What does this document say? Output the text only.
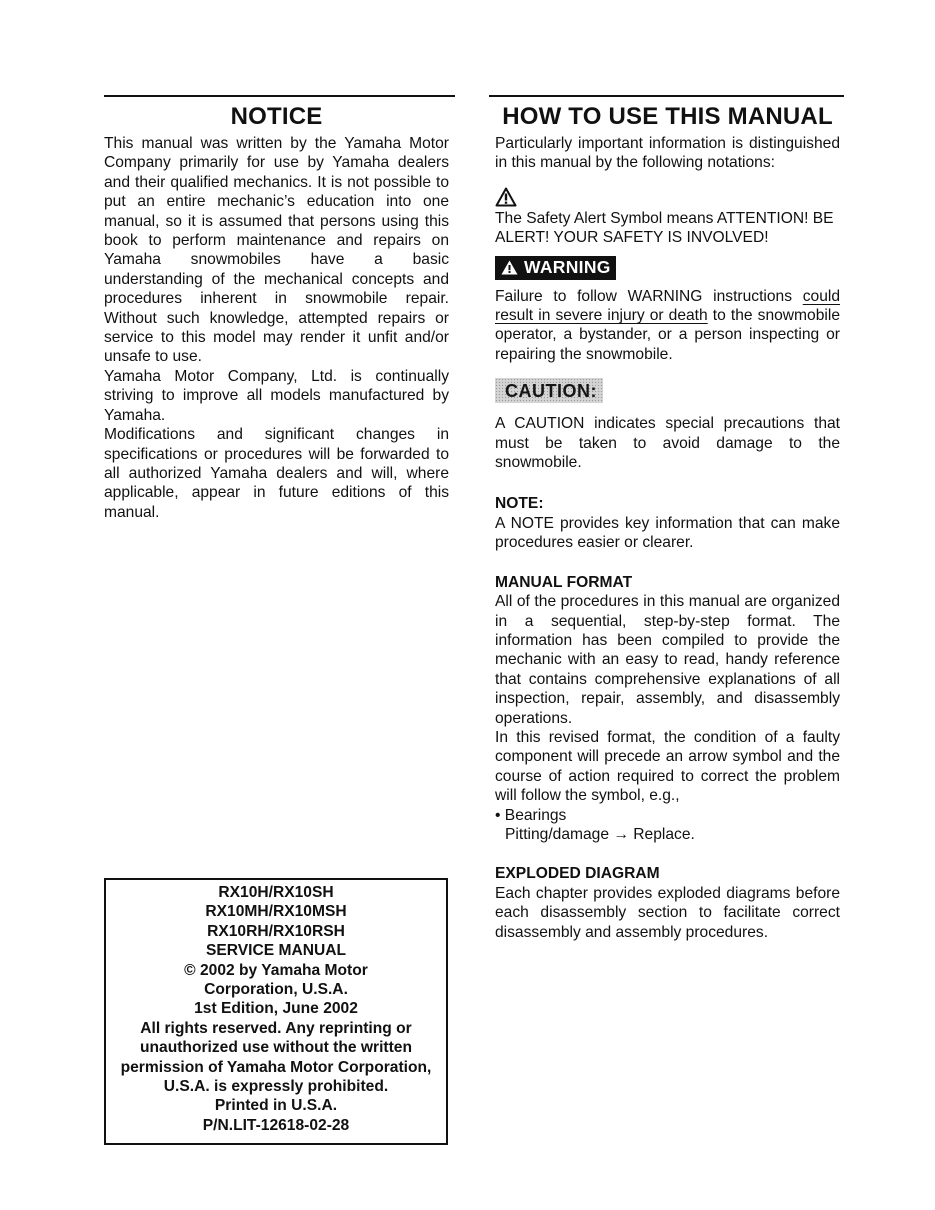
NOTICE

This manual was written by the Yamaha Motor Company primarily for use by Yamaha dealers and their qualified mechanics. It is not possible to put an entire mechanic’s education into one manual, so it is assumed that persons using this book to perform maintenance and repairs on Yamaha snowmobiles have a basic understanding of the mechanical concepts and procedures inherent in snowmobile repair. Without such knowledge, attempted repairs or service to this model may render it unfit and/or unsafe to use.

Yamaha Motor Company, Ltd. is continually striving to improve all models manufactured by Yamaha.

Modifications and significant changes in specifications or procedures will be forwarded to all authorized Yamaha dealers and will, where applicable, appear in future editions of this manual.

RX10H/RX10SH
RX10MH/RX10MSH
RX10RH/RX10RSH
SERVICE MANUAL
© 2002 by Yamaha Motor
Corporation, U.S.A.
1st Edition, June 2002
All rights reserved. Any reprinting or
unauthorized use without the written
permission of Yamaha Motor Corporation,
U.S.A. is expressly prohibited.
Printed in U.S.A.
P/N.LIT-12618-02-28
HOW TO USE THIS MANUAL

Particularly important information is distinguished in this manual by the following notations:

The Safety Alert Symbol means ATTENTION! BE ALERT! YOUR SAFETY IS INVOLVED!

WARNING

Failure to follow WARNING instructions could result in severe injury or death to the snowmobile operator, a bystander, or a person inspecting or repairing the snowmobile.

CAUTION:

A CAUTION indicates special precautions that must be taken to avoid damage to the snowmobile.

NOTE:

A NOTE provides key information that can make procedures easier or clearer.

MANUAL FORMAT

All of the procedures in this manual are organized in a sequential, step-by-step format. The information has been compiled to provide the mechanic with an easy to read, handy reference that contains comprehensive explanations of all inspection, repair, assembly, and disassembly operations.

In this revised format, the condition of a faulty component will precede an arrow symbol and the course of action required to correct the problem will follow the symbol, e.g.,

• Bearings

Pitting/damage → Replace.

EXPLODED DIAGRAM

Each chapter provides exploded diagrams before each disassembly section to facilitate correct disassembly and assembly procedures.
